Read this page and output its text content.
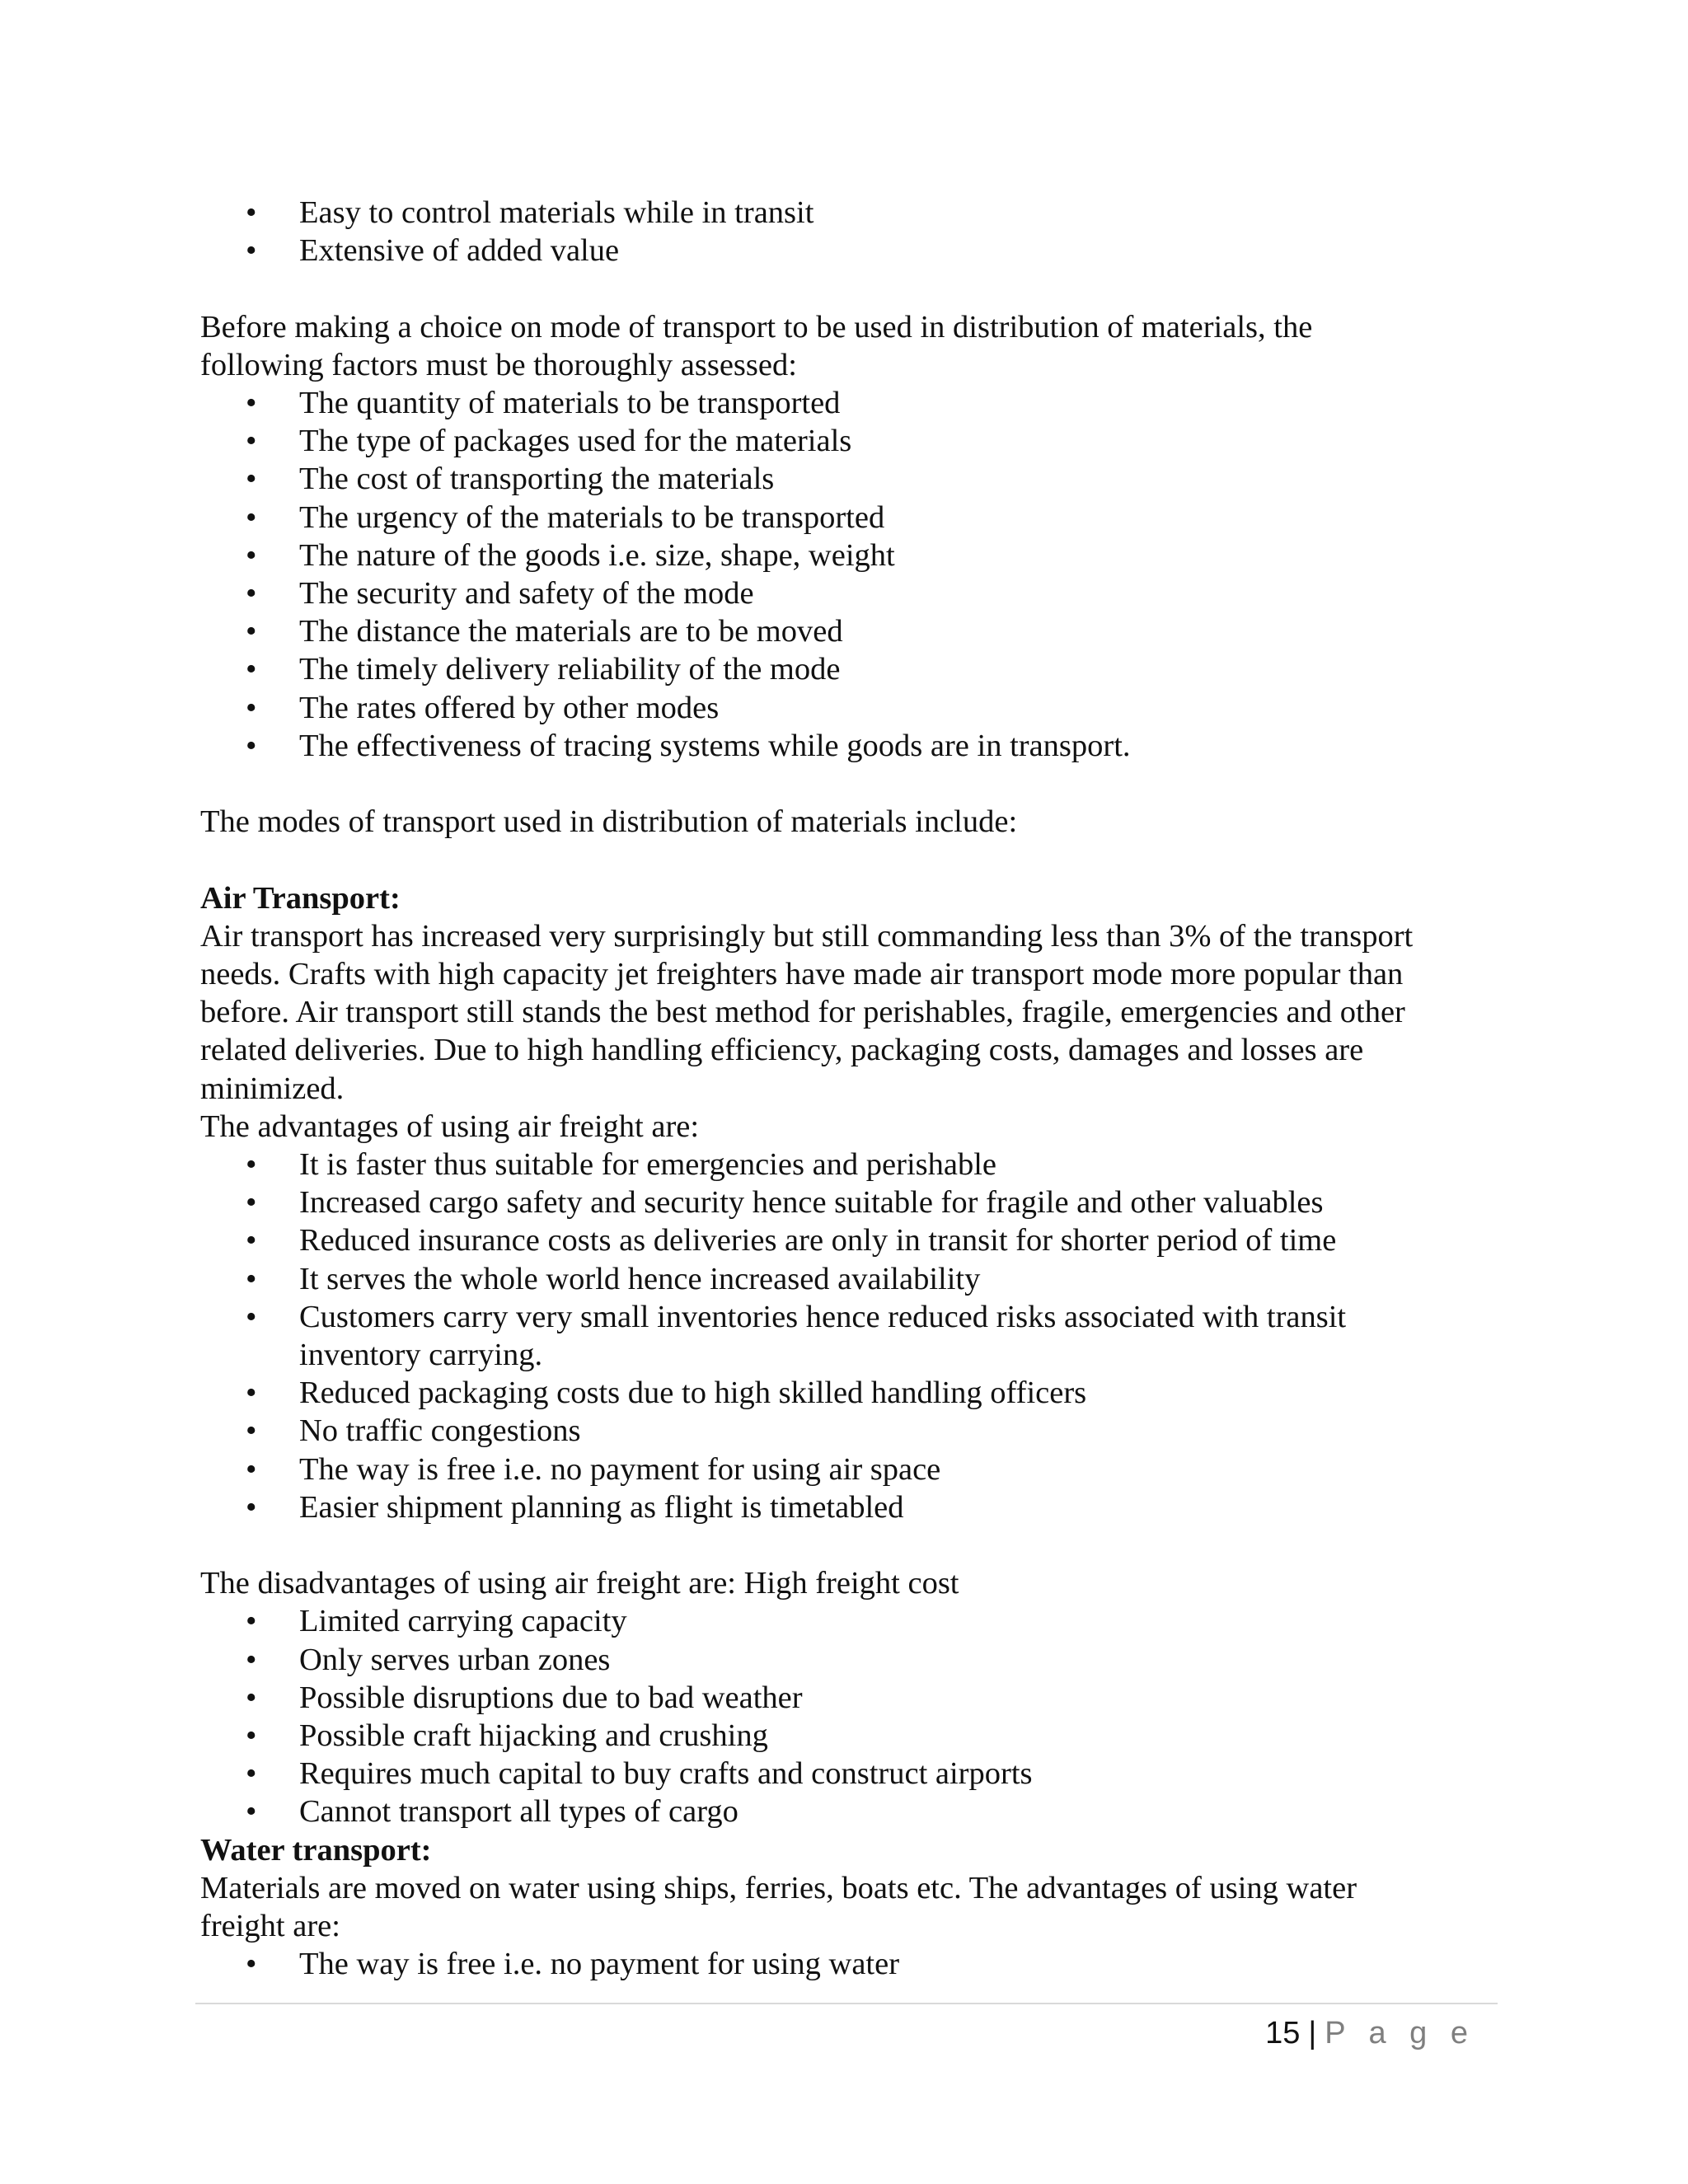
• Easy to control materials while in transit
• Extensive of added value

Before making a choice on mode of transport to be used in distribution of materials, the

following factors must be thoroughly assessed:

• The quantity of materials to be transported
• The type of packages used for the materials
• The cost of transporting the materials
• The urgency of the materials to be transported
• The nature of the goods i.e. size, shape, weight
• The security and safety of the mode
• The distance the materials are to be moved
• The timely delivery reliability of the mode
• The rates offered by other modes
• The effectiveness of tracing systems while goods are in transport.

The modes of transport used in distribution of materials include:

Air Transport:

Air transport has increased very surprisingly but still commanding less than 3% of the transport

needs. Crafts with high capacity jet freighters have made air transport mode more popular than

before. Air transport still stands the best method for perishables, fragile, emergencies and other

related deliveries. Due to high handling efficiency, packaging costs, damages and losses are

minimized.

The advantages of using air freight are:

• It is faster thus suitable for emergencies and perishable
• Increased cargo safety and security hence suitable for fragile and other valuables
• Reduced insurance costs as deliveries are only in transit for shorter period of time
• It serves the whole world hence increased availability
• Customers carry very small inventories hence reduced risks associated with transit
inventory carrying.
• Reduced packaging costs due to high skilled handling officers
• No traffic congestions
• The way is free i.e. no payment for using air space
• Easier shipment planning as flight is timetabled

The disadvantages of using air freight are: High freight cost

• Limited carrying capacity
• Only serves urban zones
• Possible disruptions due to bad weather
• Possible craft hijacking and crushing
• Requires much capital to buy crafts and construct airports
• Cannot transport all types of cargo

Water transport:

Materials are moved on water using ships, ferries, boats etc. The advantages of using water

freight are:

• The way is free i.e. no payment for using water
15 | P a g e
